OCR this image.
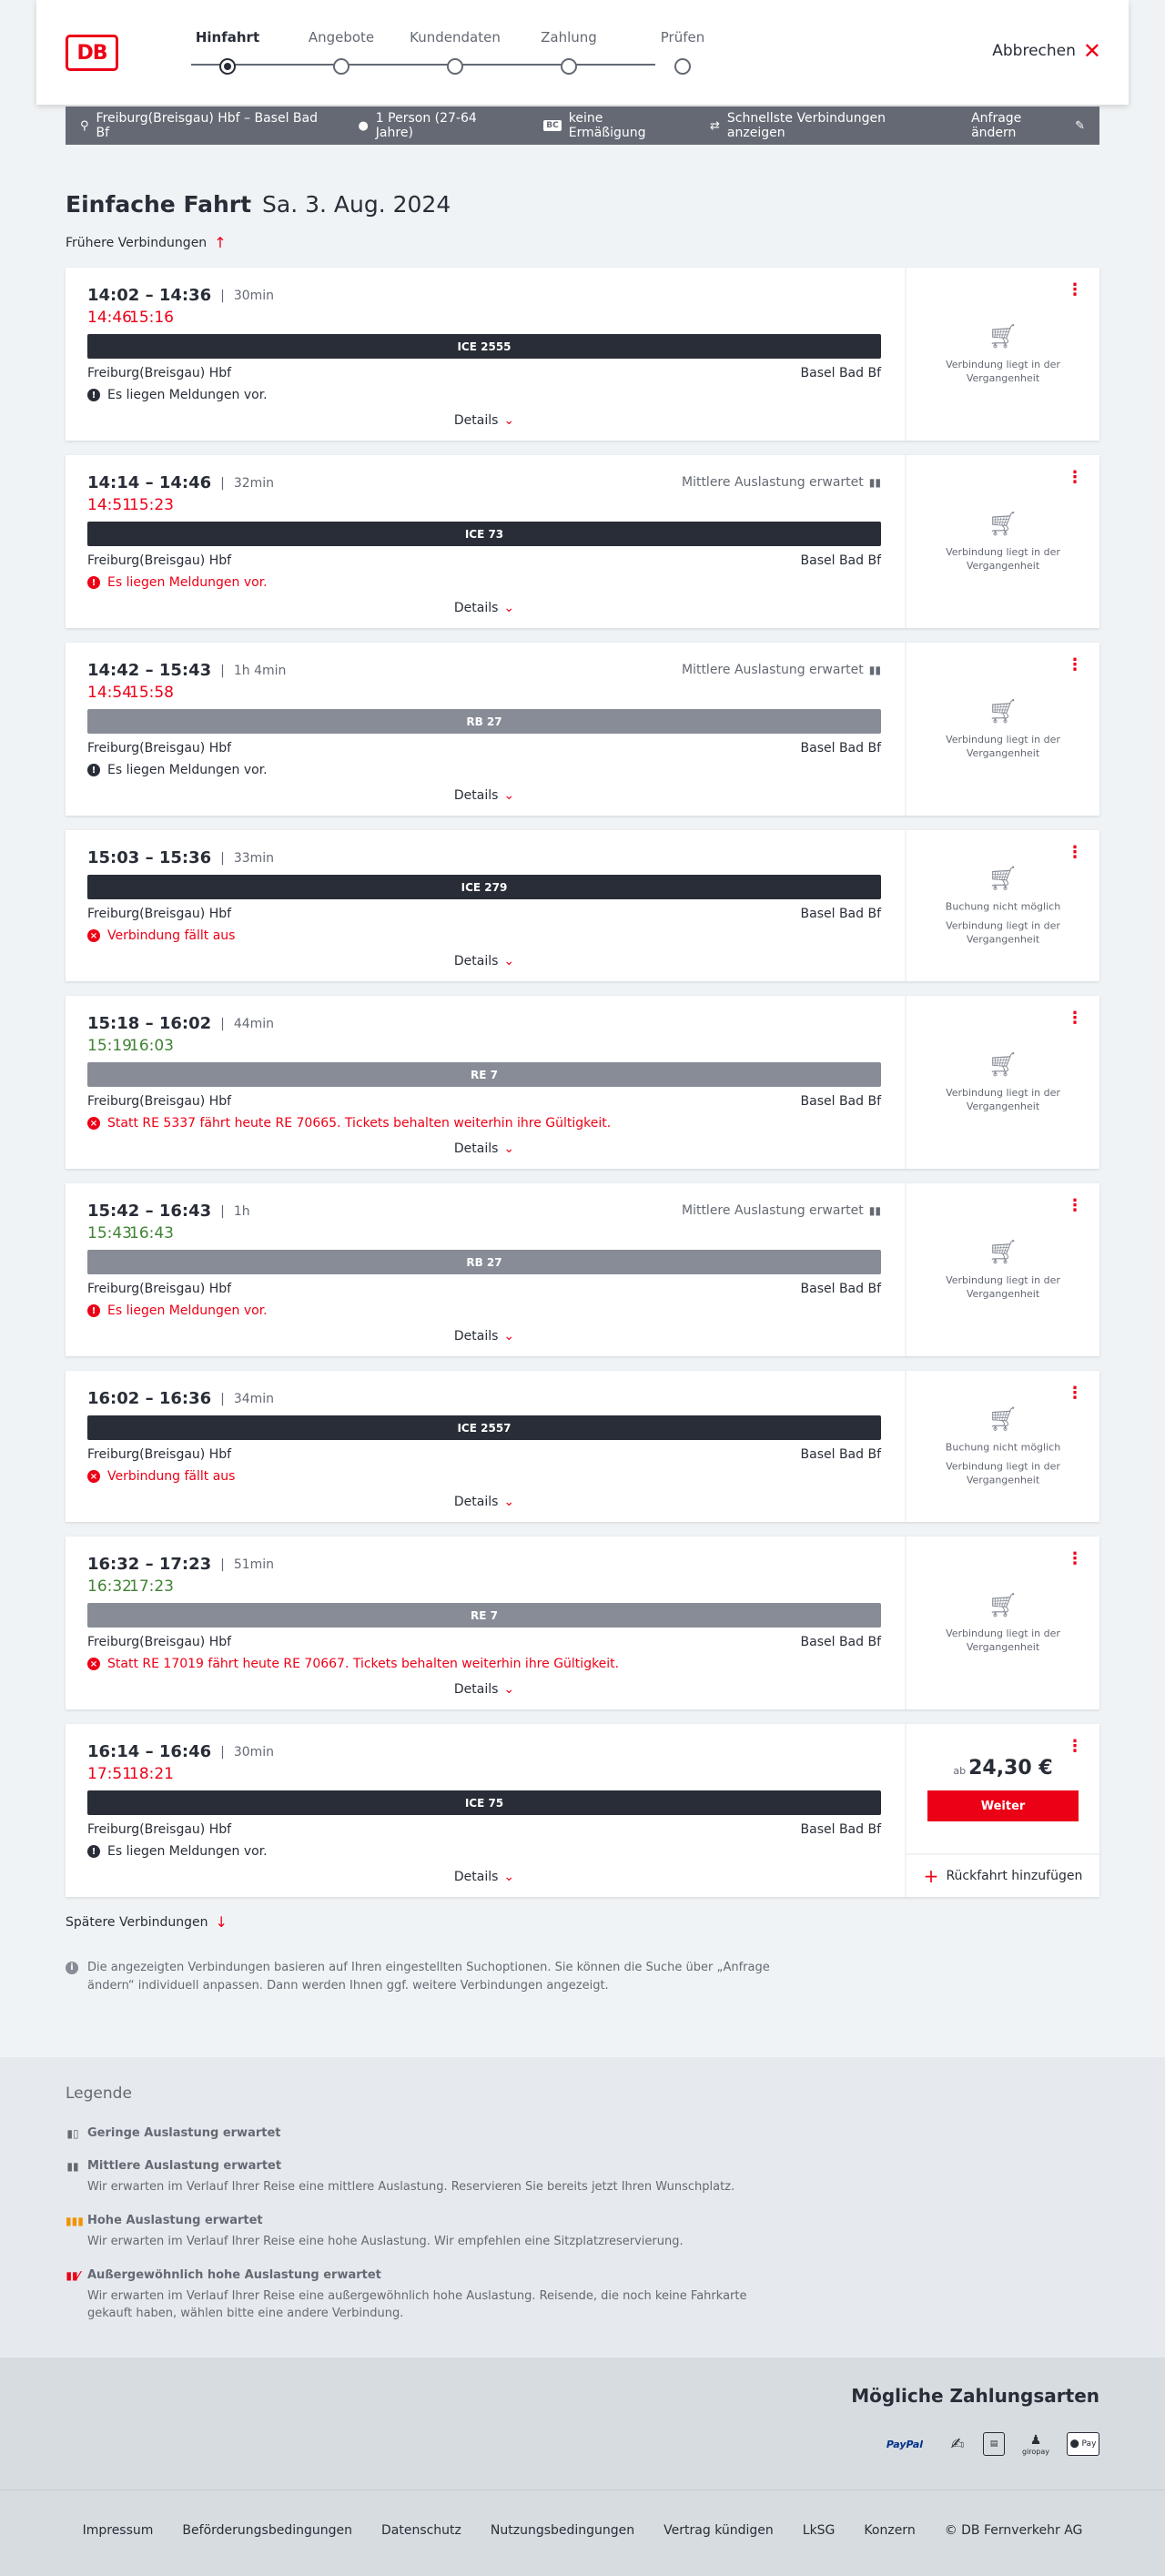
DB
Hinfahrt	Angebote	Kundendaten	Zahlung	Prüfen
Abbrechen ✕
⚲ Freiburg(Breisgau) Hbf – Basel Bad Bf	● 1 Person (27-64 Jahre)	BC keine Ermäßigung	⇄ Schnellste Verbindungen anzeigen
Anfrage ändern	✎
Einfache Fahrt Sa. 3. Aug. 2024
Frühere Verbindungen ↑
14:02 – 14:36 | 30min
14:46
15:16
ICE 2555
Freiburg(Breisgau) Hbf	Basel Bad Bf
! Es liegen Meldungen vor.
Details ⌄
⋮
🛒︎
Verbindung liegt in der Vergangenheit
14:14 – 14:46 | 32min	Mittlere Auslastung erwartet ▮▮
14:51
15:23
ICE 73
Freiburg(Breisgau) Hbf	Basel Bad Bf
! Es liegen Meldungen vor.
Details ⌄
⋮
🛒︎
Verbindung liegt in der Vergangenheit
14:42 – 15:43 | 1h 4min	Mittlere Auslastung erwartet ▮▮
14:54
15:58
RB 27
Freiburg(Breisgau) Hbf	Basel Bad Bf
! Es liegen Meldungen vor.
Details ⌄
⋮
🛒︎
Verbindung liegt in der Vergangenheit
15:03 – 15:36 | 33min
ICE 279
Freiburg(Breisgau) Hbf	Basel Bad Bf
× Verbindung fällt aus
Details ⌄
⋮
🛒︎
Buchung nicht möglich
Verbindung liegt in der Vergangenheit
15:18 – 16:02 | 44min
15:19
16:03
RE 7
Freiburg(Breisgau) Hbf	Basel Bad Bf
× Statt RE 5337 fährt heute RE 70665. Tickets behalten weiterhin ihre Gültigkeit.
Details ⌄
⋮
🛒︎
Verbindung liegt in der Vergangenheit
15:42 – 16:43 | 1h	Mittlere Auslastung erwartet ▮▮
15:43
16:43
RB 27
Freiburg(Breisgau) Hbf	Basel Bad Bf
! Es liegen Meldungen vor.
Details ⌄
⋮
🛒︎
Verbindung liegt in der Vergangenheit
16:02 – 16:36 | 34min
ICE 2557
Freiburg(Breisgau) Hbf	Basel Bad Bf
× Verbindung fällt aus
Details ⌄
⋮
🛒︎
Buchung nicht möglich
Verbindung liegt in der Vergangenheit
16:32 – 17:23 | 51min
16:32
17:23
RE 7
Freiburg(Breisgau) Hbf	Basel Bad Bf
× Statt RE 17019 fährt heute RE 70667. Tickets behalten weiterhin ihre Gültigkeit.
Details ⌄
⋮
🛒︎
Verbindung liegt in der Vergangenheit
16:14 – 16:46 | 30min
17:51
18:21
ICE 75
Freiburg(Breisgau) Hbf	Basel Bad Bf
! Es liegen Meldungen vor.
Details ⌄
⋮
ab 24,30 €
Weiter
+ Rückfahrt hinzufügen
Spätere Verbindungen ↓
i	Die angezeigten Verbindungen basieren auf Ihren eingestellten Suchoptionen. Sie können die Suche über „Anfrage ändern“ individuell anpassen. Dann werden Ihnen ggf. weitere Verbindungen angezeigt.
Legende
▮▯ Geringe Auslastung erwartet
▮▮ Mittlere Auslastung erwartet
Wir erwarten im Verlauf Ihrer Reise eine mittlere Auslastung. Reservieren Sie bereits jetzt Ihren Wunschplatz.
▮▮▮ Hohe Auslastung erwartet
Wir erwarten im Verlauf Ihrer Reise eine hohe Auslastung. Wir empfehlen eine Sitzplatzreservierung.
▮▮⁄ Außergewöhnlich hohe Auslastung erwartet
Wir erwarten im Verlauf Ihrer Reise eine außergewöhnlich hohe Auslastung. Reisende, die noch keine Fahrkarte gekauft haben, wählen bitte eine andere Verbindung.
Mögliche Zahlungsarten
PayPal	✍	▤	♟
giropay
⬤
Pay
Impressum Beförderungsbedingungen Datenschutz Nutzungsbedingungen Vertrag kündigen LkSG Konzern © DB Fernverkehr AG
